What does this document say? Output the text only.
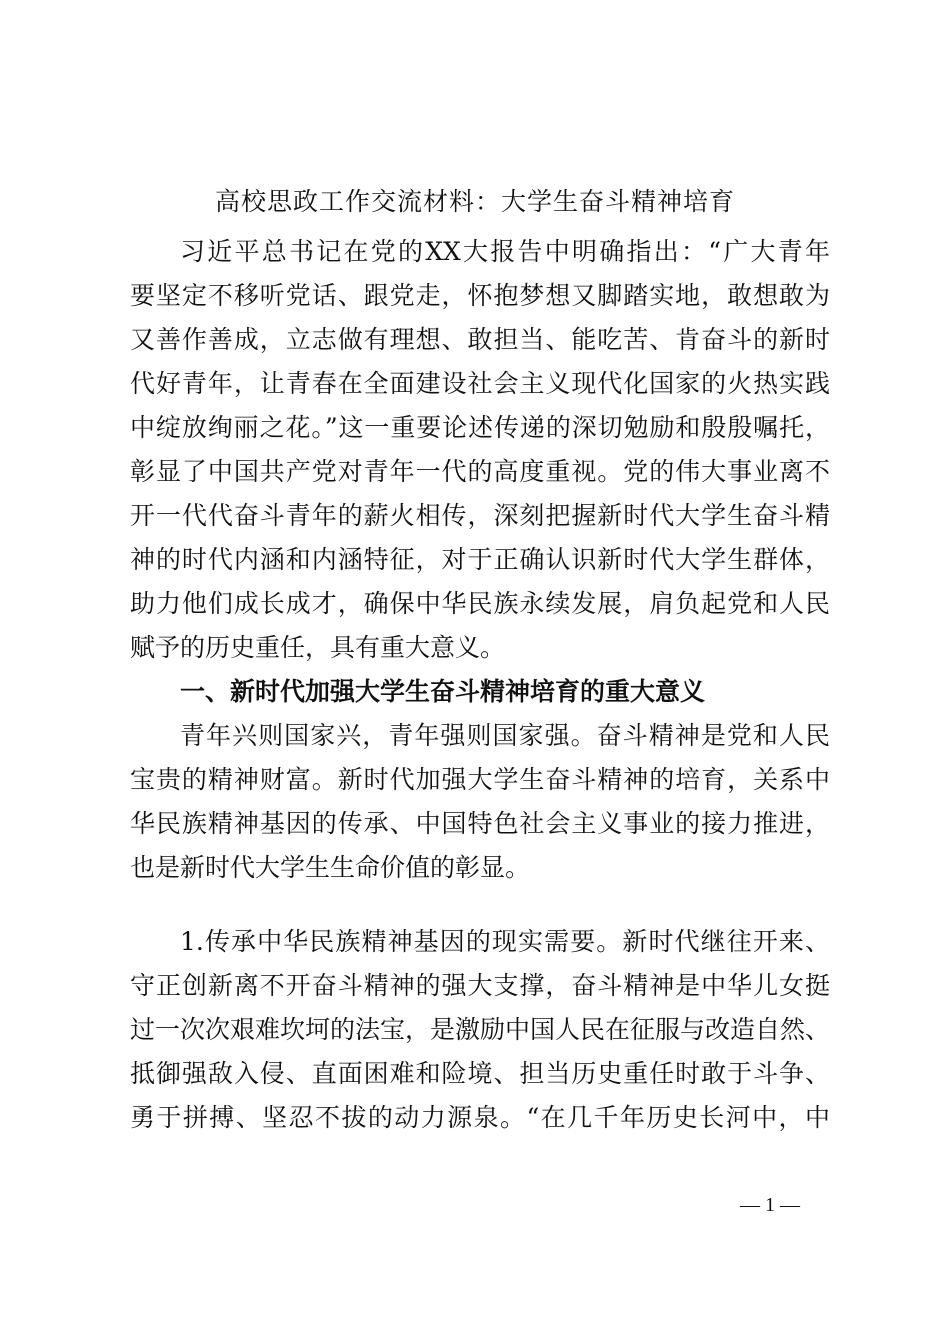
高校思政工作交流材料：大学生奋斗精神培育

习近平总书记在党的XX大报告中明确指出：“广大青年

要坚定不移听党话、跟党走，怀抱梦想又脚踏实地，敢想敢为

又善作善成，立志做有理想、敢担当、能吃苦、肯奋斗的新时

代好青年，让青春在全面建设社会主义现代化国家的火热实践

中绽放绚丽之花。”这一重要论述传递的深切勉励和殷殷嘱托，

彰显了中国共产党对青年一代的高度重视。党的伟大事业离不

开一代代奋斗青年的薪火相传，深刻把握新时代大学生奋斗精

神的时代内涵和内涵特征，对于正确认识新时代大学生群体，

助力他们成长成才，确保中华民族永续发展，肩负起党和人民

赋予的历史重任，具有重大意义。

一、新时代加强大学生奋斗精神培育的重大意义

青年兴则国家兴，青年强则国家强。奋斗精神是党和人民

宝贵的精神财富。新时代加强大学生奋斗精神的培育，关系中

华民族精神基因的传承、中国特色社会主义事业的接力推进，

也是新时代大学生生命价值的彰显。

1.传承中华民族精神基因的现实需要。新时代继往开来、

守正创新离不开奋斗精神的强大支撑，奋斗精神是中华儿女挺

过一次次艰难坎坷的法宝，是激励中国人民在征服与改造自然、

抵御强敌入侵、直面困难和险境、担当历史重任时敢于斗争、

勇于拼搏、坚忍不拔的动力源泉。“在几千年历史长河中，中

— 1 —
